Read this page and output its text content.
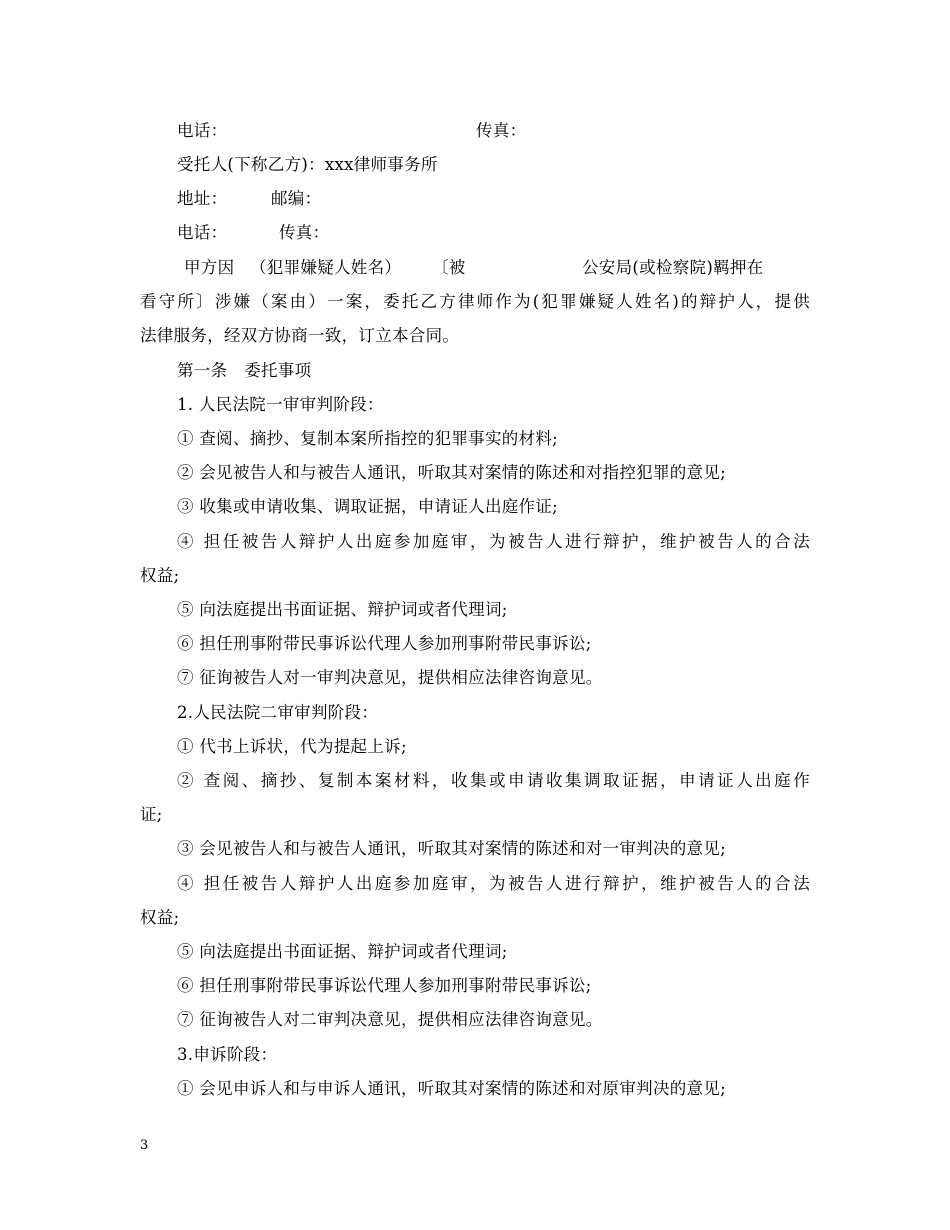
电话：	传真：
受托人(下称乙方)：xxx律师事务所
地址：	邮编：
电话：	传真：
甲方因 （犯罪嫌疑人姓名） 〔被	公安局(或检察院)羁押在
看守所〕涉嫌（案由）一案，委托乙方律师作为(犯罪嫌疑人姓名)的辩护人，提供
法律服务，经双方协商一致，订立本合同。
第一条　委托事项
1. 人民法院一审审判阶段：
① 查阅、摘抄、复制本案所指控的犯罪事实的材料;
② 会见被告人和与被告人通讯，听取其对案情的陈述和对指控犯罪的意见;
③ 收集或申请收集、调取证据，申请证人出庭作证;
④ 担任被告人辩护人出庭参加庭审，为被告人进行辩护，维护被告人的合法
权益;
⑤ 向法庭提出书面证据、辩护词或者代理词;
⑥ 担任刑事附带民事诉讼代理人参加刑事附带民事诉讼;
⑦ 征询被告人对一审判决意见，提供相应法律咨询意见。
2.人民法院二审审判阶段：
① 代书上诉状，代为提起上诉;
② 查阅、摘抄、复制本案材料，收集或申请收集调取证据，申请证人出庭作
证;
③ 会见被告人和与被告人通讯，听取其对案情的陈述和对一审判决的意见;
④ 担任被告人辩护人出庭参加庭审，为被告人进行辩护，维护被告人的合法
权益;
⑤ 向法庭提出书面证据、辩护词或者代理词;
⑥ 担任刑事附带民事诉讼代理人参加刑事附带民事诉讼;
⑦ 征询被告人对二审判决意见，提供相应法律咨询意见。
3.申诉阶段：
① 会见申诉人和与申诉人通讯，听取其对案情的陈述和对原审判决的意见;
3
